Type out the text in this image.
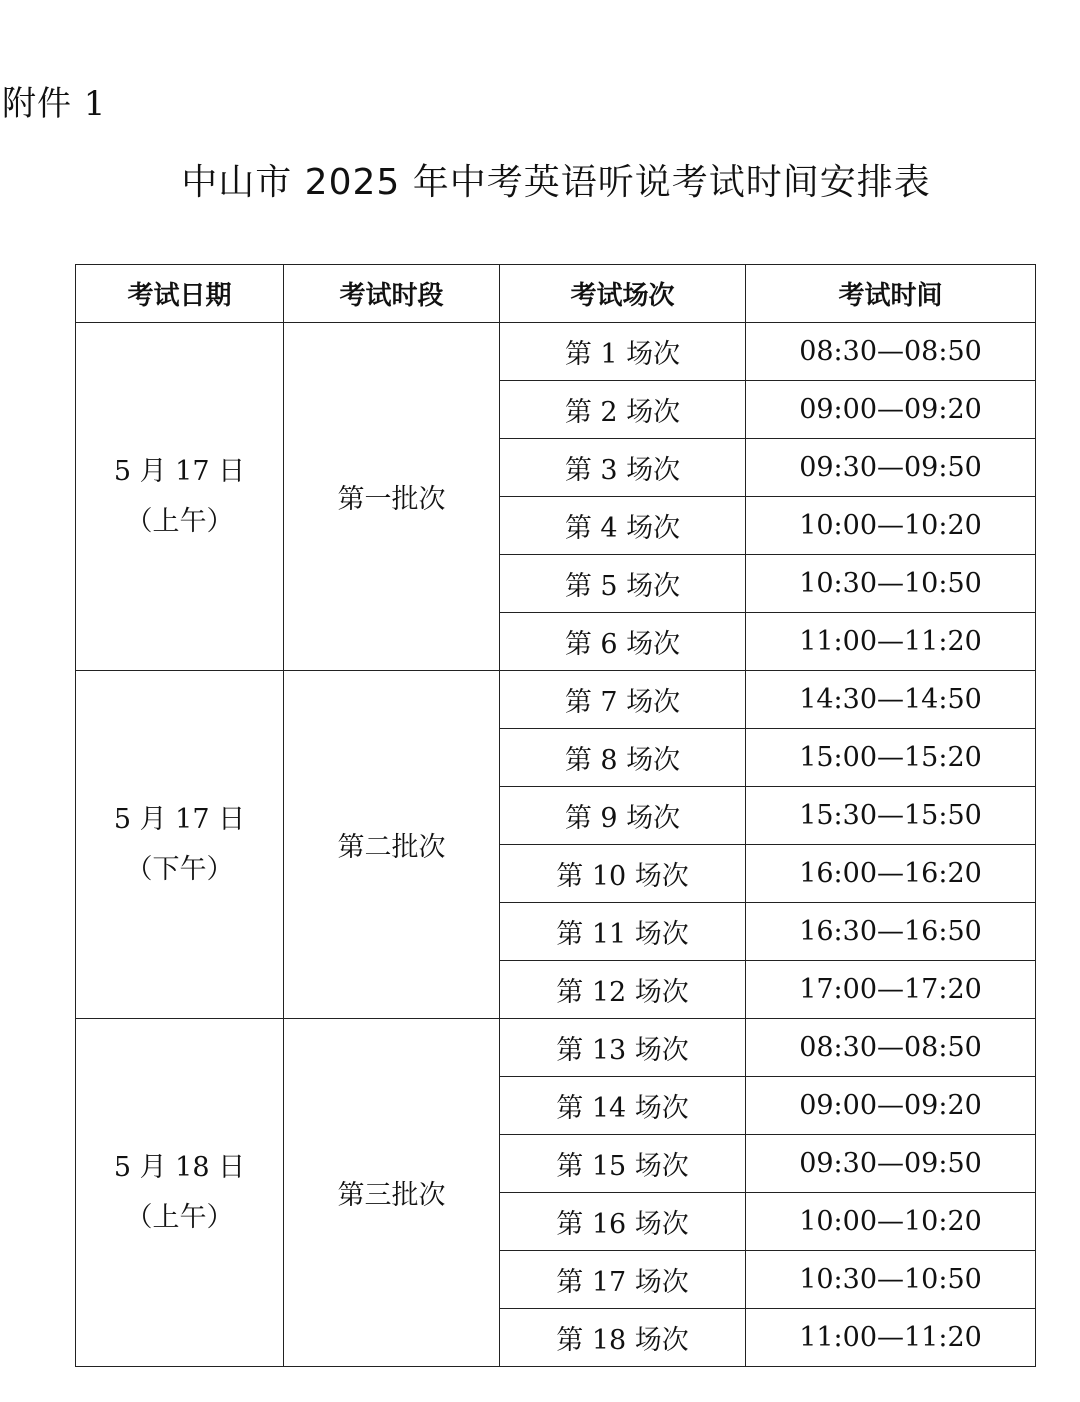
附件 1
中山市 2025 年中考英语听说考试时间安排表
考试日期	考试时段	考试场次	考试时间

5 月 17 日
（上午）	第一批次	第 1 场次	08:30—08:50
		第 2 场次	09:00—09:20
		第 3 场次	09:30—09:50
		第 4 场次	10:00—10:20
		第 5 场次	10:30—10:50
		第 6 场次	11:00—11:20

5 月 17 日
（下午）	第二批次	第 7 场次	14:30—14:50
		第 8 场次	15:00—15:20
		第 9 场次	15:30—15:50
		第 10 场次	16:00—16:20
		第 11 场次	16:30—16:50
		第 12 场次	17:00—17:20

5 月 18 日
（上午）	第三批次	第 13 场次	08:30—08:50
		第 14 场次	09:00—09:20
		第 15 场次	09:30—09:50
		第 16 场次	10:00—10:20
		第 17 场次	10:30—10:50
		第 18 场次	11:00—11:20
